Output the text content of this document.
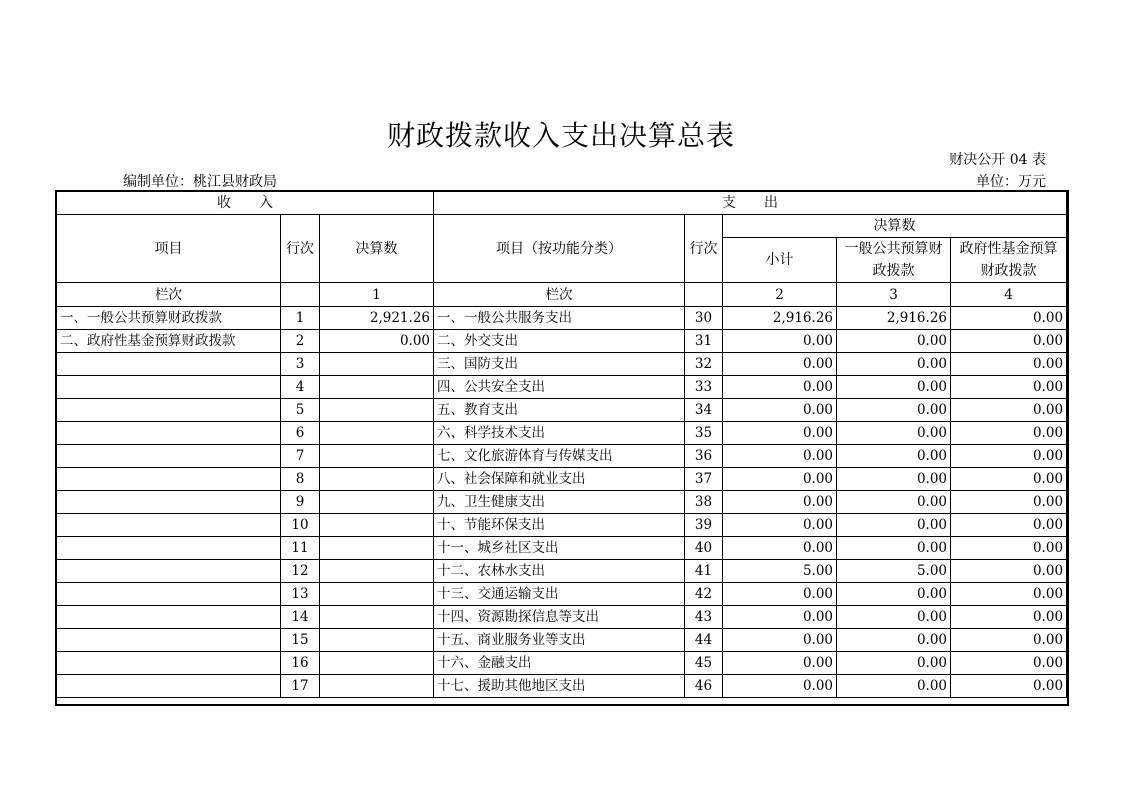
财政拨款收入支出决算总表
财决公开 04 表
编制单位：桃江县财政局	单位：万元
收　　入			支　　出				
项目	行次	决算数	项目（按功能分类）	行次	决算数		
					小计	一般公共预算财政拨款	政府性基金预算财政拨款
栏次		1	栏次		2	3	4
一、一般公共预算财政拨款	1	2,921.26	一、一般公共服务支出	30	2,916.26	2,916.26	0.00
二、政府性基金预算财政拨款	2	0.00	二、外交支出	31	0.00	0.00	0.00
	3		三、国防支出	32	0.00	0.00	0.00
	4		四、公共安全支出	33	0.00	0.00	0.00
	5		五、教育支出	34	0.00	0.00	0.00
	6		六、科学技术支出	35	0.00	0.00	0.00
	7		七、文化旅游体育与传媒支出	36	0.00	0.00	0.00
	8		八、社会保障和就业支出	37	0.00	0.00	0.00
	9		九、卫生健康支出	38	0.00	0.00	0.00
	10		十、节能环保支出	39	0.00	0.00	0.00
	11		十一、城乡社区支出	40	0.00	0.00	0.00
	12		十二、农林水支出	41	5.00	5.00	0.00
	13		十三、交通运输支出	42	0.00	0.00	0.00
	14		十四、资源勘探信息等支出	43	0.00	0.00	0.00
	15		十五、商业服务业等支出	44	0.00	0.00	0.00
	16		十六、金融支出	45	0.00	0.00	0.00
	17		十七、援助其他地区支出	46	0.00	0.00	0.00
